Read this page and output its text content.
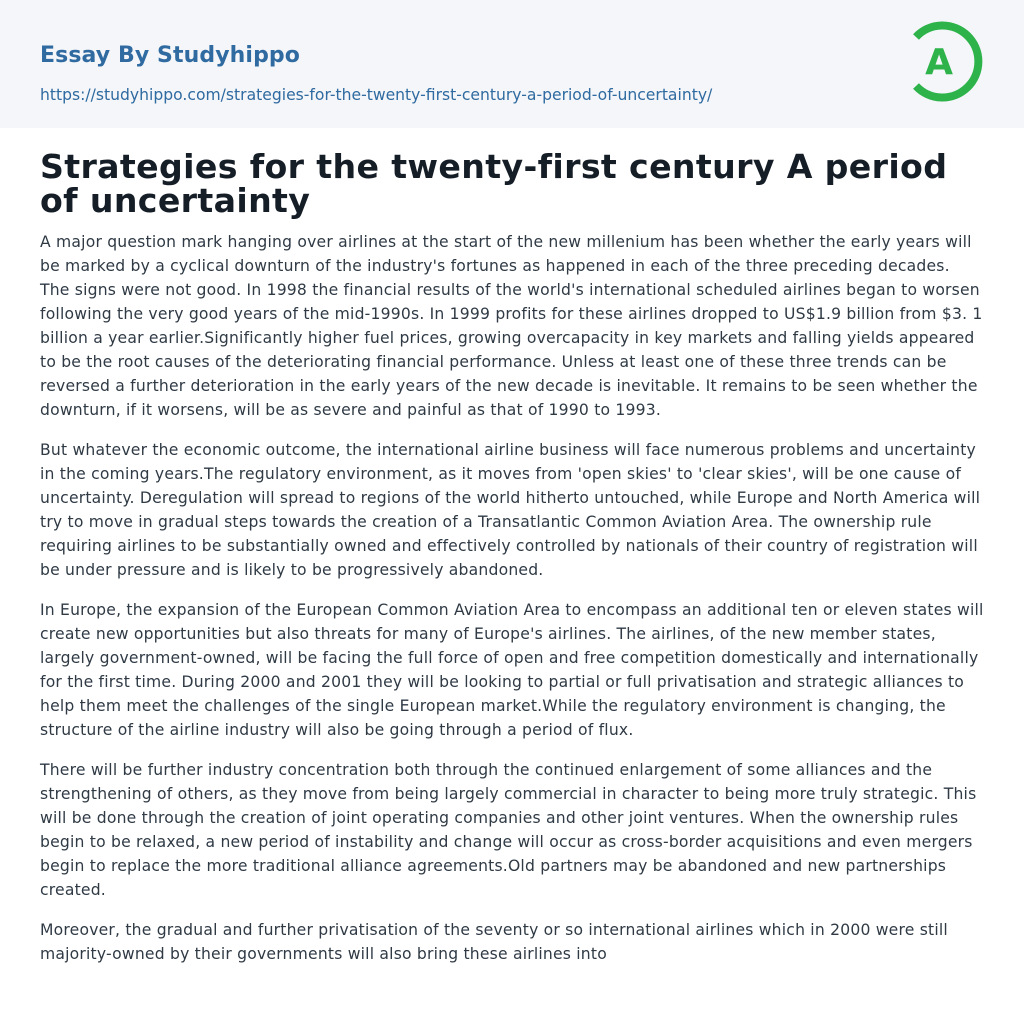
Essay By Studyhippo
https://studyhippo.com/strategies-for-the-twenty-first-century-a-period-of-uncertainty/
A
Strategies for the twenty-first century A period of uncertainty

A major question mark hanging over airlines at the start of the new millenium has been whether the early years will be marked by a cyclical downturn of the industry's fortunes as happened in each of the three preceding decades. The signs were not good. In 1998 the financial results of the world's international scheduled airlines began to worsen following the very good years of the mid-1990s. In 1999 profits for these airlines dropped to US$1.9 billion from $3. 1 billion a year earlier.Significantly higher fuel prices, growing overcapacity in key markets and falling yields appeared to be the root causes of the deteriorating financial performance. Unless at least one of these three trends can be reversed a further deterioration in the early years of the new decade is inevitable. It remains to be seen whether the downturn, if it worsens, will be as severe and painful as that of 1990 to 1993.

But whatever the economic outcome, the international airline business will face numerous problems and uncertainty in the coming years.The regulatory environment, as it moves from 'open skies' to 'clear skies', will be one cause of uncertainty. Deregulation will spread to regions of the world hitherto untouched, while Europe and North America will try to move in gradual steps towards the creation of a Transatlantic Common Aviation Area. The ownership rule requiring airlines to be substantially owned and effectively controlled by nationals of their country of registration will be under pressure and is likely to be progressively abandoned.

In Europe, the expansion of the European Common Aviation Area to encompass an additional ten or eleven states will create new opportunities but also threats for many of Europe's airlines. The airlines, of the new member states, largely government-owned, will be facing the full force of open and free competition domestically and internationally for the first time. During 2000 and 2001 they will be looking to partial or full privatisation and strategic alliances to help them meet the challenges of the single European market.While the regulatory environment is changing, the structure of the airline industry will also be going through a period of flux.

There will be further industry concentration both through the continued enlargement of some alliances and the strengthening of others, as they move from being largely commercial in character to being more truly strategic. This will be done through the creation of joint operating companies and other joint ventures. When the ownership rules begin to be relaxed, a new period of instability and change will occur as cross-border acquisitions and even mergers begin to replace the more traditional alliance agreements.Old partners may be abandoned and new partnerships created.

Moreover, the gradual and further privatisation of the seventy or so international airlines which in 2000 were still majority-owned by their governments will also bring these airlines into
